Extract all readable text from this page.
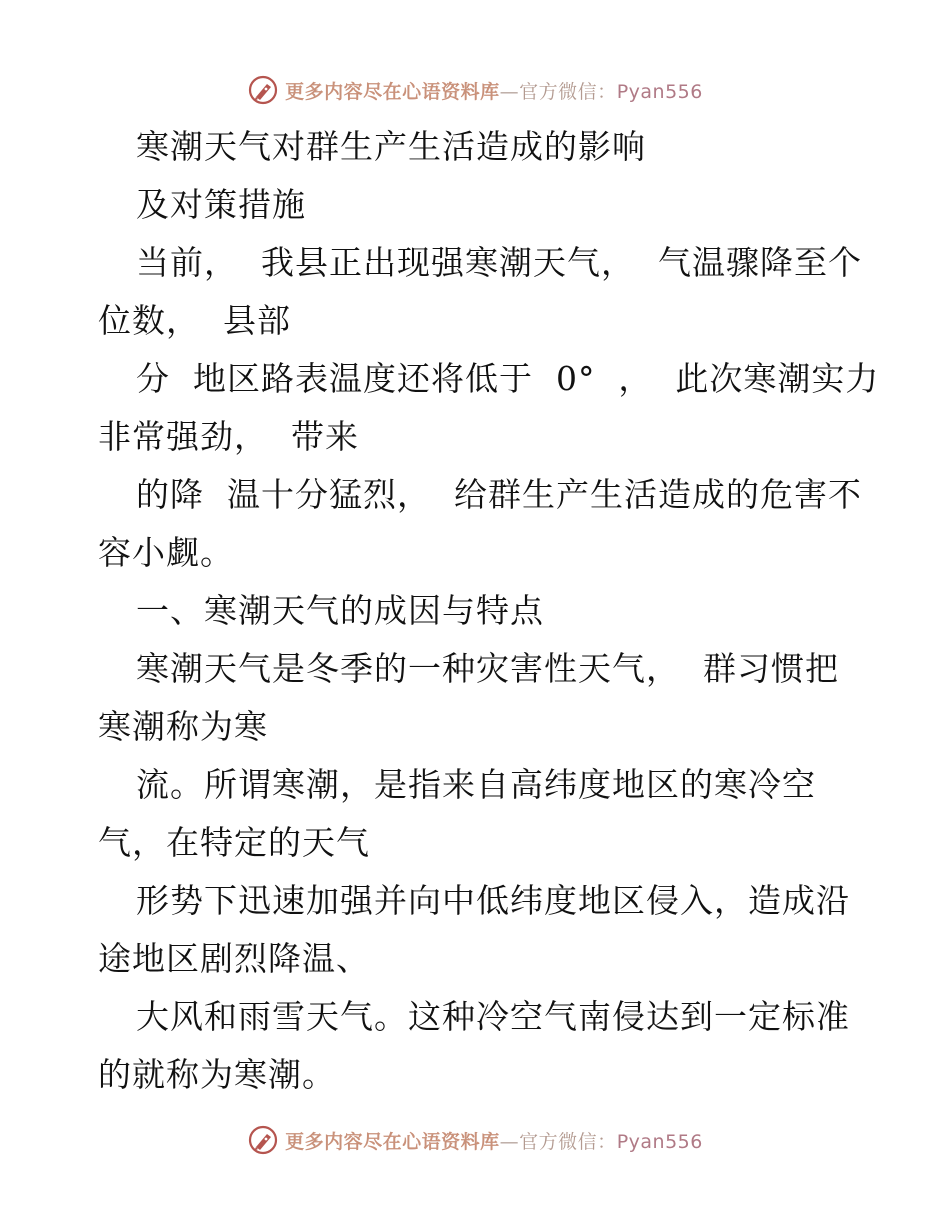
更多内容尽在心语资料库—官方微信：Pyan556
寒潮天气对群生产生活造成的影响
及对策措施
当前，  我县正出现强寒潮天气，  气温骤降至个
位数，  县部
分  地区路表温度还将低于  0°  ，  此次寒潮实力
非常强劲，  带来
的降  温十分猛烈，  给群生产生活造成的危害不
容小觑。
一、寒潮天气的成因与特点
寒潮天气是冬季的一种灾害性天气，  群习惯把
寒潮称为寒
流。所谓寒潮，是指来自高纬度地区的寒冷空
气，在特定的天气
形势下迅速加强并向中低纬度地区侵入，造成沿
途地区剧烈降温、
大风和雨雪天气。这种冷空气南侵达到一定标准
的就称为寒潮。
更多内容尽在心语资料库—官方微信：Pyan556
